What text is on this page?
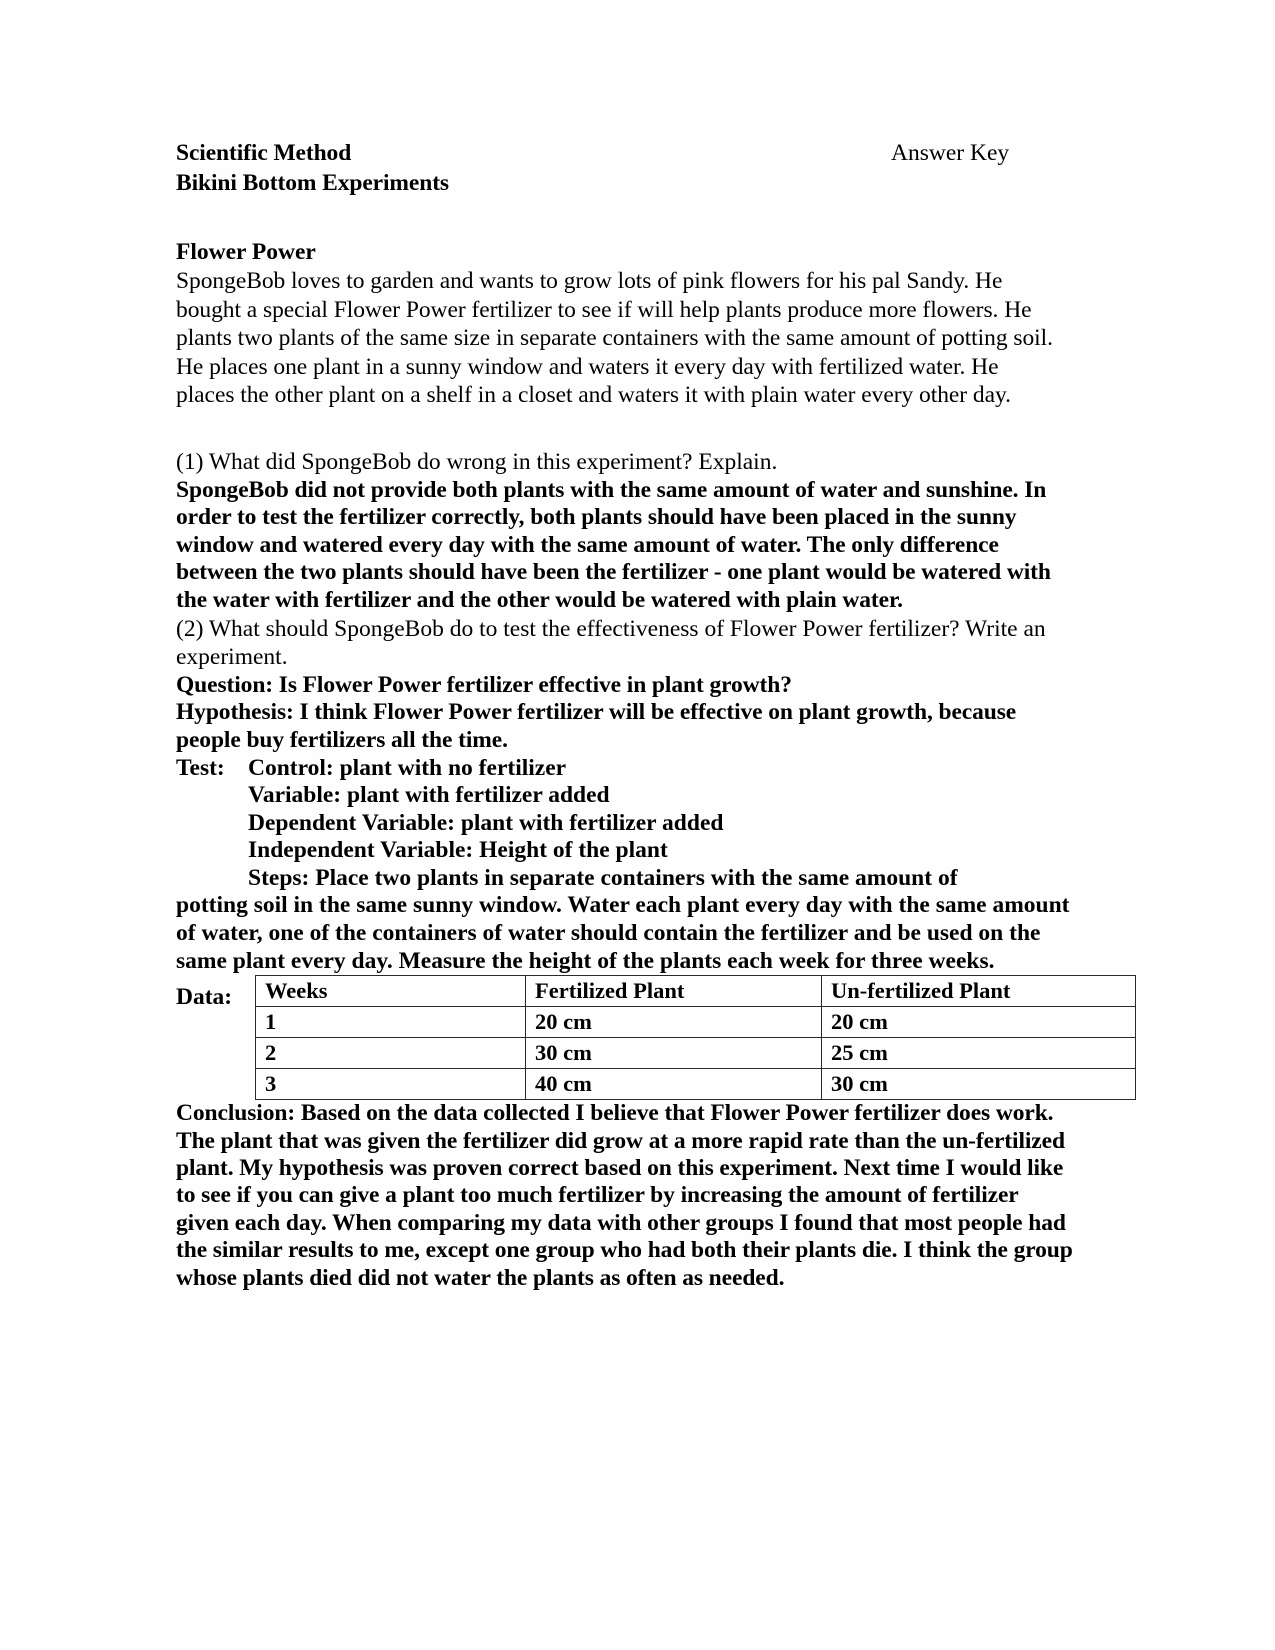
Scientific Method
Bikini Bottom Experiments
Answer Key
Flower Power
SpongeBob loves to garden and wants to grow lots of pink flowers for his pal Sandy. He bought a special Flower Power fertilizer to see if will help plants produce more flowers. He plants two plants of the same size in separate containers with the same amount of potting soil. He places one plant in a sunny window and waters it every day with fertilized water. He places the other plant on a shelf in a closet and waters it with plain water every other day.
(1) What did SpongeBob do wrong in this experiment? Explain.
SpongeBob did not provide both plants with the same amount of water and sunshine. In order to test the fertilizer correctly, both plants should have been placed in the sunny window and watered every day with the same amount of water. The only difference between the two plants should have been the fertilizer - one plant would be watered with the water with fertilizer and the other would be watered with plain water.
(2) What should SpongeBob do to test the effectiveness of Flower Power fertilizer? Write an experiment.
Question: Is Flower Power fertilizer effective in plant growth?
Hypothesis: I think Flower Power fertilizer will be effective on plant growth, because people buy fertilizers all the time.
Test: Control: plant with no fertilizer
Variable: plant with fertilizer added
Dependent Variable: plant with fertilizer added
Independent Variable: Height of the plant
Steps: Place two plants in separate containers with the same amount of
potting soil in the same sunny window. Water each plant every day with the same amount of water, one of the containers of water should contain the fertilizer and be used on the same plant every day. Measure the height of the plants each week for three weeks.
Data: Weeks	Fertilized Plant	Un-fertilized Plant
1	20 cm	20 cm
2	30 cm	25 cm
3	40 cm	30 cm
Conclusion: Based on the data collected I believe that Flower Power fertilizer does work. The plant that was given the fertilizer did grow at a more rapid rate than the un-fertilized plant. My hypothesis was proven correct based on this experiment. Next time I would like to see if you can give a plant too much fertilizer by increasing the amount of fertilizer given each day. When comparing my data with other groups I found that most people had the similar results to me, except one group who had both their plants die. I think the group whose plants died did not water the plants as often as needed.
